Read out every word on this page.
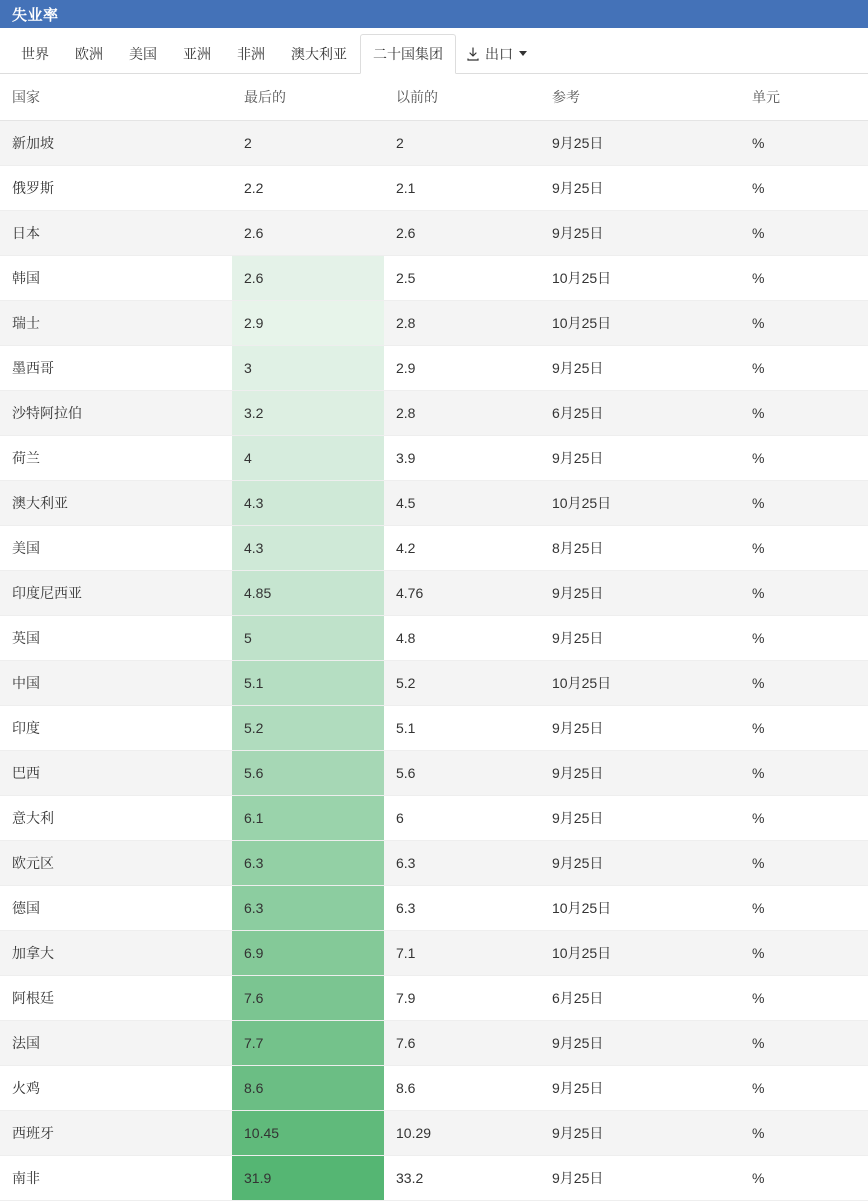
失业率
世界 欧洲 美国 亚洲 非洲 澳大利亚 二十国集团	出口
国家	最后的	以前的	参考	单元
新加坡	2	2	9月25日	%
俄罗斯	2.2	2.1	9月25日	%
日本	2.6	2.6	9月25日	%
韩国	2.6	2.5	10月25日	%
瑞士	2.9	2.8	10月25日	%
墨西哥	3	2.9	9月25日	%
沙特阿拉伯	3.2	2.8	6月25日	%
荷兰	4	3.9	9月25日	%
澳大利亚	4.3	4.5	10月25日	%
美国	4.3	4.2	8月25日	%
印度尼西亚	4.85	4.76	9月25日	%
英国	5	4.8	9月25日	%
中国	5.1	5.2	10月25日	%
印度	5.2	5.1	9月25日	%
巴西	5.6	5.6	9月25日	%
意大利	6.1	6	9月25日	%
欧元区	6.3	6.3	9月25日	%
德国	6.3	6.3	10月25日	%
加拿大	6.9	7.1	10月25日	%
阿根廷	7.6	7.9	6月25日	%
法国	7.7	7.6	9月25日	%
火鸡	8.6	8.6	9月25日	%
西班牙	10.45	10.29	9月25日	%
南非	31.9	33.2	9月25日	%
